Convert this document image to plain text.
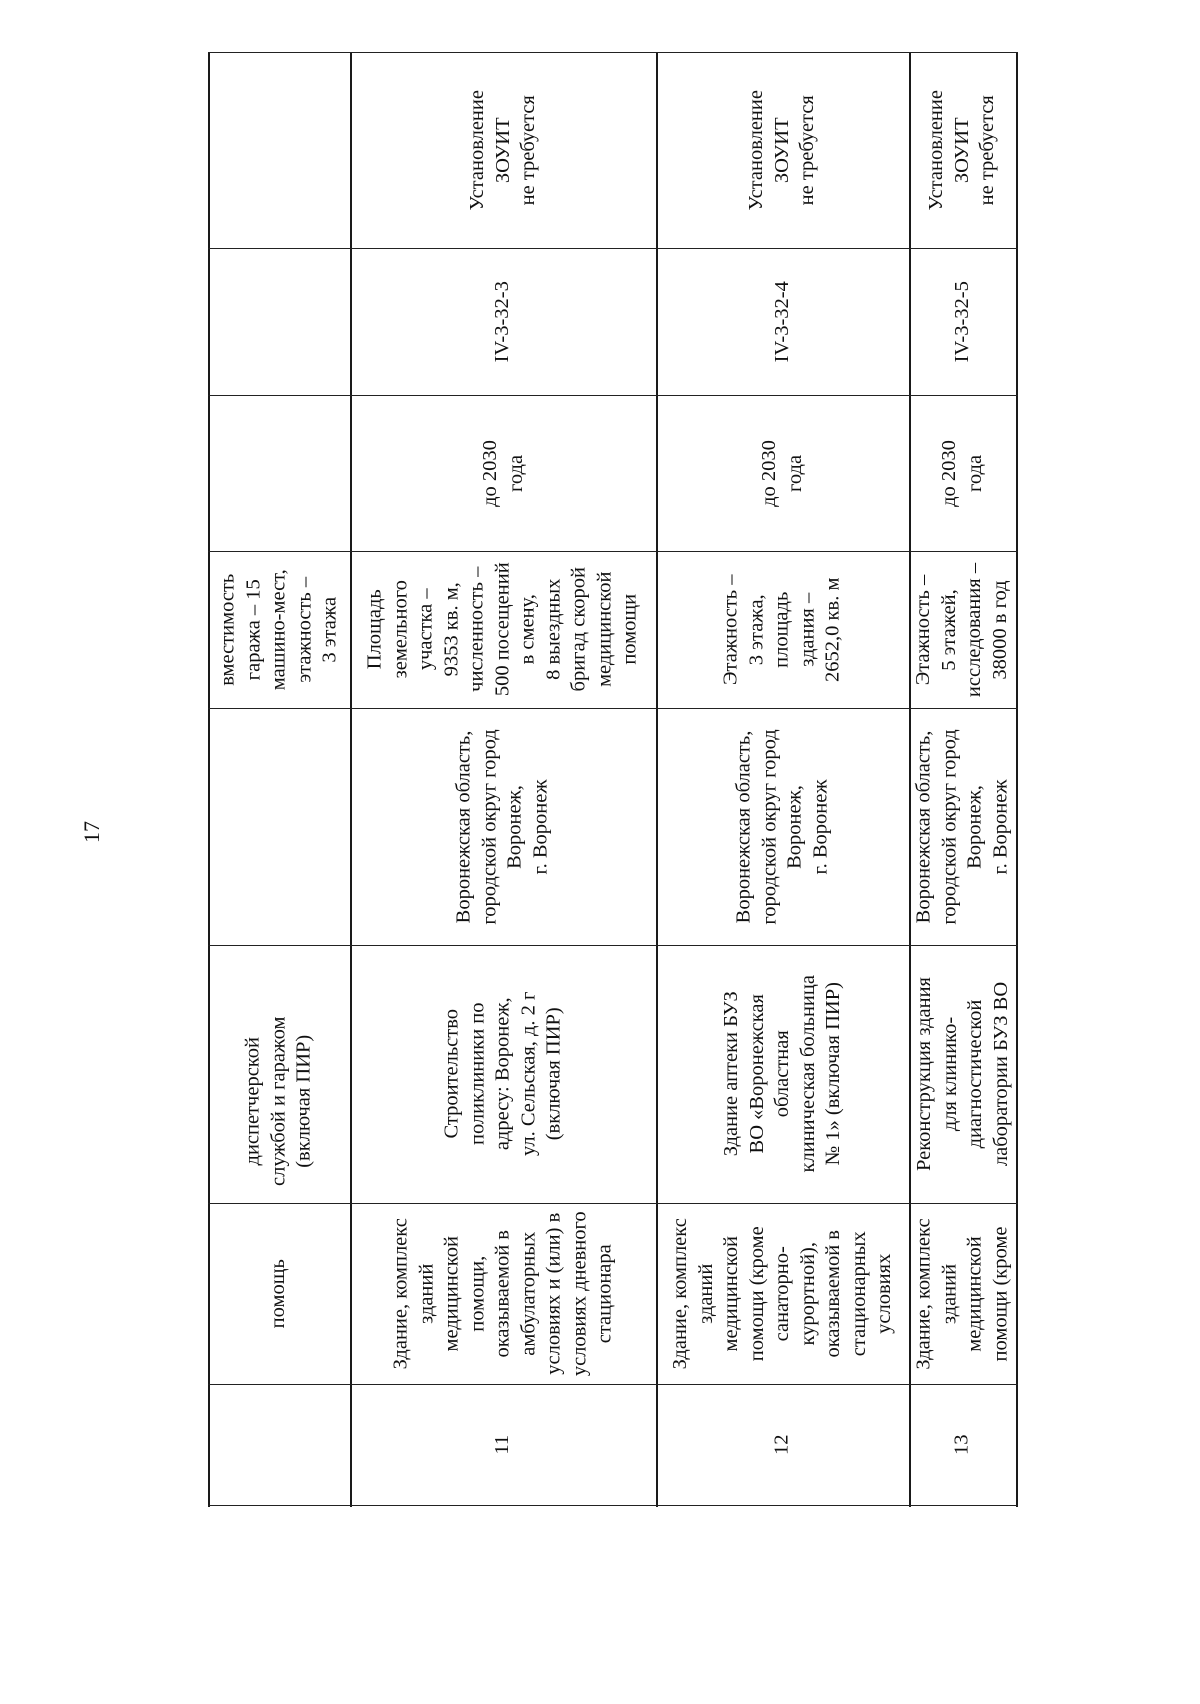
17
помощь
диспетчерской
службой и гаражом
(включая ПИР)
вместимость
гаража – 15
машино-мест,
этажность –
3 этажа
11
Здание, комплекс
зданий
медицинской
помощи,
оказываемой в
амбулаторных
условиях и (или) в
условиях дневного
стационара
Строительство
поликлиники по
адресу: Воронеж,
ул. Сельская, д. 2 г
(включая ПИР)
Воронежская область,
городской округ город
Воронеж,
г. Воронеж
Площадь
земельного
участка –
9353 кв. м,
численность –
500 посещений
в смену,
8 выездных
бригад скорой
медицинской
помощи
до 2030
года
IV-3-32-3
Установление
ЗОУИТ
не требуется
12
Здание, комплекс
зданий
медицинской
помощи (кроме
санаторно-
курортной),
оказываемой в
стационарных
условиях
Здание аптеки БУЗ
ВО «Воронежская
областная
клиническая больница
№ 1» (включая ПИР)
Воронежская область,
городской округ город
Воронеж,
г. Воронеж
Этажность –
3 этажа,
площадь
здания –
2652,0 кв. м
до 2030
года
IV-3-32-4
Установление
ЗОУИТ
не требуется
13
Здание, комплекс
зданий
медицинской
помощи (кроме
Реконструкция здания
для клинико-
диагностической
лаборатории БУЗ ВО
Воронежская область,
городской округ город
Воронеж,
г. Воронеж
Этажность –
5 этажей,
исследования –
38000 в год
до 2030
года
IV-3-32-5
Установление
ЗОУИТ
не требуется
